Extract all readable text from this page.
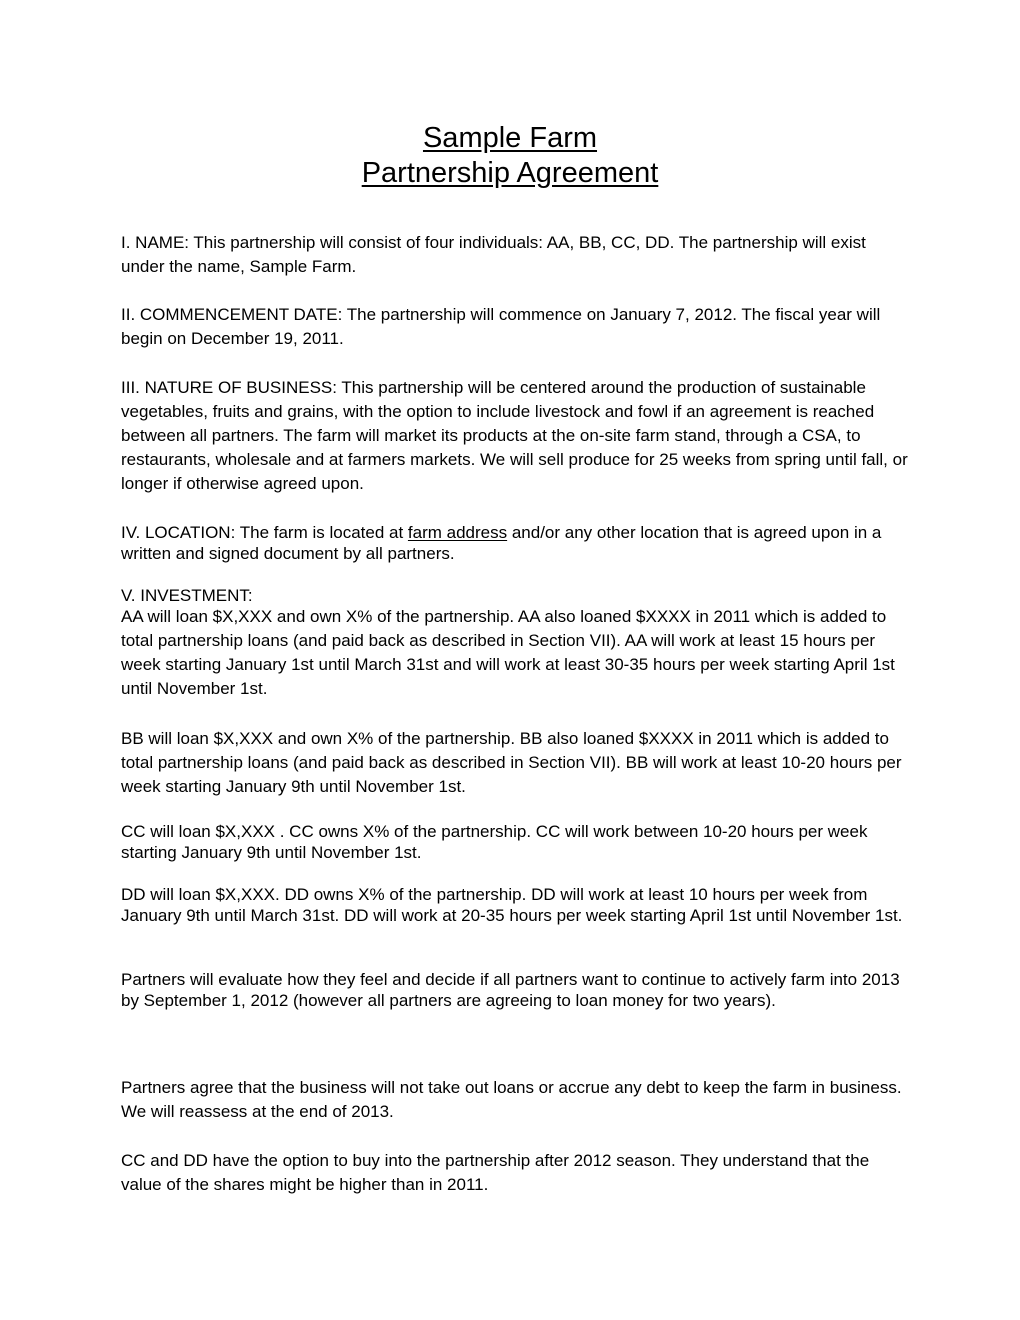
Sample Farm
Partnership Agreement

I. NAME: This partnership will consist of four individuals: AA, BB, CC, DD. The partnership will exist under the name, Sample Farm.

II. COMMENCEMENT DATE: The partnership will commence on January 7, 2012. The fiscal year will begin on December 19, 2011.

III. NATURE OF BUSINESS: This partnership will be centered around the production of sustainable vegetables, fruits and grains, with the option to include livestock and fowl if an agreement is reached between all partners. The farm will market its products at the on-site farm stand, through a CSA, to restaurants, wholesale and at farmers markets. We will sell produce for 25 weeks from spring until fall, or longer if otherwise agreed upon.

IV. LOCATION: The farm is located at farm address and/or any other location that is agreed upon in a written and signed document by all partners.

V. INVESTMENT:

AA will loan $X,XXX and own X% of the partnership. AA also loaned $XXXX in 2011 which is added to total partnership loans (and paid back as described in Section VII). AA will work at least 15 hours per week starting January 1st until March 31st and will work at least 30-35 hours per week starting April 1st until November 1st.

BB will loan $X,XXX and own X% of the partnership. BB also loaned $XXXX in 2011 which is added to total partnership loans (and paid back as described in Section VII). BB will work at least 10-20 hours per week starting January 9th until November 1st.

CC will loan $X,XXX . CC owns X% of the partnership. CC will work between 10-20 hours per week starting January 9th until November 1st.

DD will loan $X,XXX. DD owns X% of the partnership. DD will work at least 10 hours per week from January 9th until March 31st. DD will work at 20-35 hours per week starting April 1st until November 1st.

Partners will evaluate how they feel and decide if all partners want to continue to actively farm into 2013 by September 1, 2012 (however all partners are agreeing to loan money for two years).

Partners agree that the business will not take out loans or accrue any debt to keep the farm in business. We will reassess at the end of 2013.

CC and DD have the option to buy into the partnership after 2012 season. They understand that the value of the shares might be higher than in 2011.
